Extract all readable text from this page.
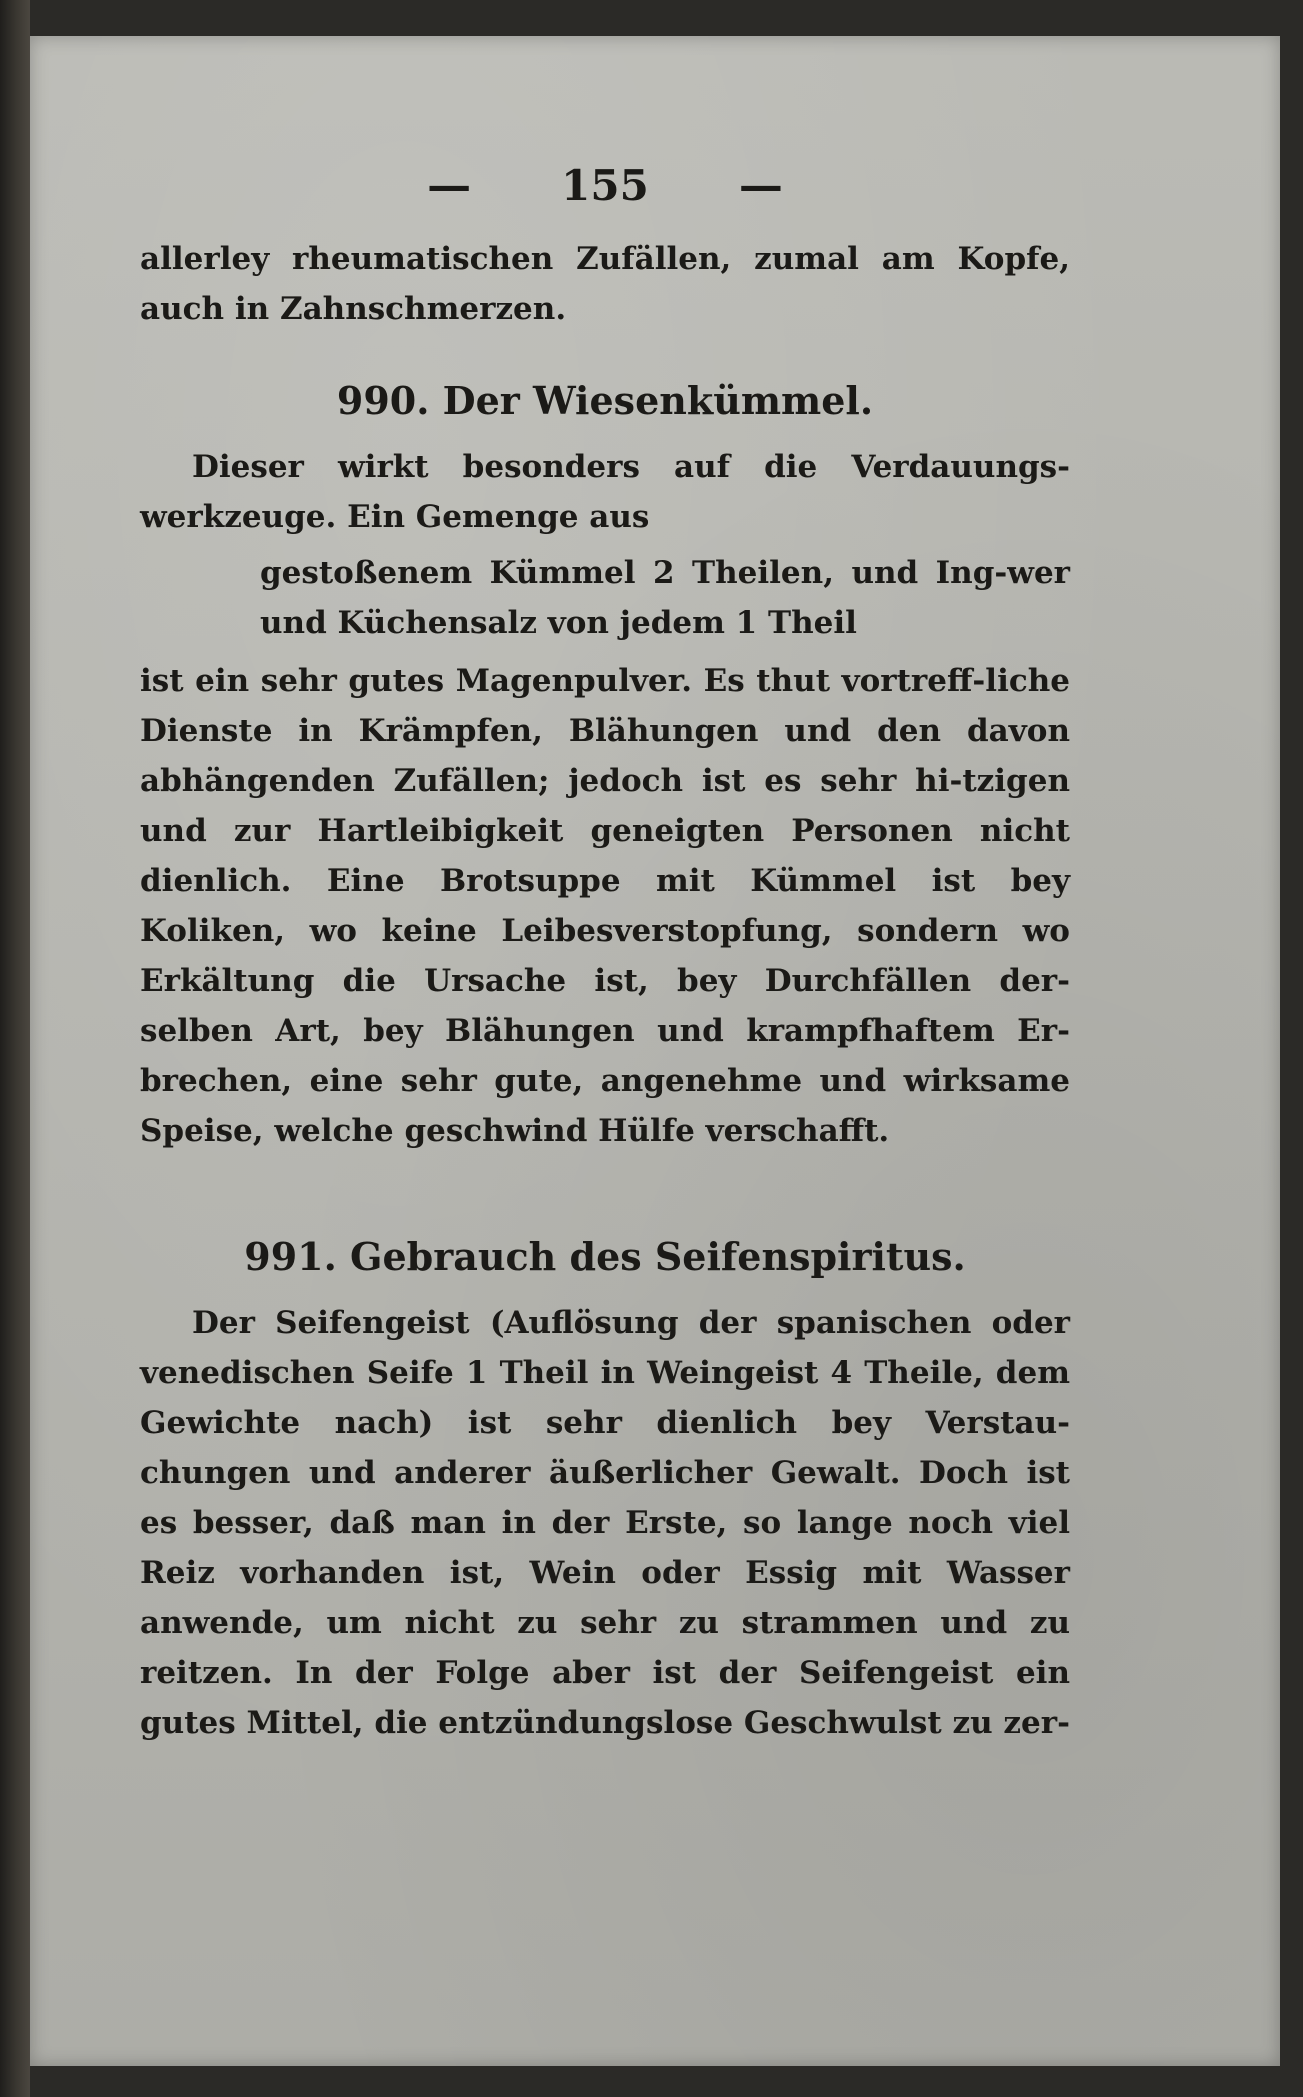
— 155 —

allerley rheumatischen Zufällen, zumal am Kopfe, auch in Zahnschmerzen.

990. Der Wiesenkümmel.

Dieser wirkt besonders auf die Verdauungs-werkzeuge. Ein Gemenge aus

gestoßenem Kümmel 2 Theilen, und Ing-wer und Küchensalz von jedem 1 Theil

ist ein sehr gutes Magenpulver. Es thut vortreff-liche Dienste in Krämpfen, Blähungen und den davon abhängenden Zufällen; jedoch ist es sehr hi-tzigen und zur Hartleibigkeit geneigten Personen nicht dienlich. Eine Brotsuppe mit Kümmel ist bey Koliken, wo keine Leibesverstopfung, sondern wo Erkältung die Ursache ist, bey Durchfällen der-selben Art, bey Blähungen und krampfhaftem Er-brechen, eine sehr gute, angenehme und wirksame Speise, welche geschwind Hülfe verschafft.

991. Gebrauch des Seifenspiritus.

Der Seifengeist (Auflösung der spanischen oder venedischen Seife 1 Theil in Weingeist 4 Theile, dem Gewichte nach) ist sehr dienlich bey Verstau-chungen und anderer äußerlicher Gewalt. Doch ist es besser, daß man in der Erste, so lange noch viel Reiz vorhanden ist, Wein oder Essig mit Wasser anwende, um nicht zu sehr zu strammen und zu reitzen. In der Folge aber ist der Seifengeist ein gutes Mittel, die entzündungslose Geschwulst zu zer-
